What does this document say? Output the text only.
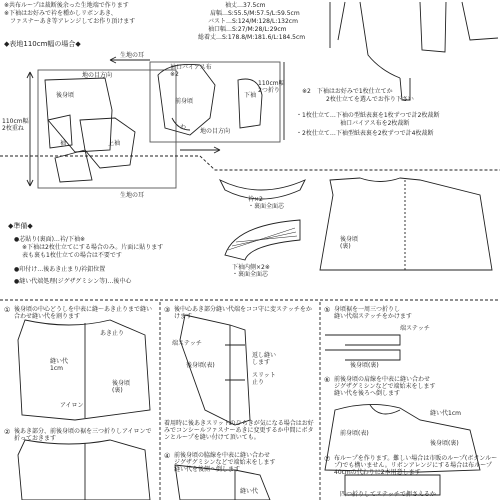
※共布ループは裁断後余った生地端で作ります
※下袖はお好みで衿を種かしリボンあき、
ファスナーあき等アレンジしてお作り頂けます
袖丈…37.5cm
肩幅…S:55.5/M:57.5/L:59.5cm
バスト…S:124/M:128/L:132cm
袖口幅…S:27/M:28/L:29cm
総着丈…S:178.8/M:181.6/L:184.5cm
◆表地110cm幅の場合◆
生地の耳
地の目方向
110cm幅
2枚重ね
後身頃
袖	上袖
袖口バイアス布
※2
前身頃
下袖
110cm幅
2つ折り
わ
地の目方向
生地の耳
※2　下袖はお好みで1枚仕立てか
2枚仕立てを選んでお作り下さい
・1枚仕立て…下袖の型紙表裏を1枚ずつで計2枚裁断
袖口バイアス布を2枚裁断
・2枚仕立て…下袖型紙表裏を2枚ずつで計4枚裁断
◆準備◆
●芯貼り(裏面)…衿/下袖※
※下袖は2枚仕立てにする場合のみ。片面に貼ります
表も裏も1枚仕立ての場合は不要です
●印付け…後あき止まり/衿釦位置
●縫い代端処理(ジグザグミシン等)…後中心
衿×2
・裏面全面芯
下袖内側×2※
・裏面全面芯
後身頃
(裏)
① 後身頃の中心どうしを中表に縫～あき止りまで縫い合わせ縫い代を割ります
あき止り
縫い代
1cm
後身頃
(裏)
アイロン
② 後あき部分、前後身頃の裾を三つ折りしアイロンで折っておきます
③ 後中心あき部分縫い代端をココ守に変ステッチをかけます
端ステッチ
後身頃(表)
返し縫い
します
スリット
止り
着用時に後あきスリットのひらきが気になる場合はお好みでコンシールファスナーあきに変更するか中間にボタンとループを縫い付けて頂いても。
④ 前後身頃の脇線を中表に縫い合わせ
ジグザグミシンなどで端始末をします
縫い代を後側へ倒します
縫い代
⑤ 身頃裾を一周三つ折りし
縫い代端ステッチをかけます
端ステッチ
後身頃(裏)
⑥ 前後身頃の肩線を中表に縫い合わせ
ジグザグミシンなどで端始末をします
縫い代を後ろへ倒します
縫い代1cm
前身頃(表)
後身頃(裏)
⑦ 布ループを作ります。難しい場合は市販のループ(ボタンループ)でも構いません。リボンアレンジにする場合は布ループ40cmの代わりに2本用意します
四つ折りしてステッチで押さえるか
